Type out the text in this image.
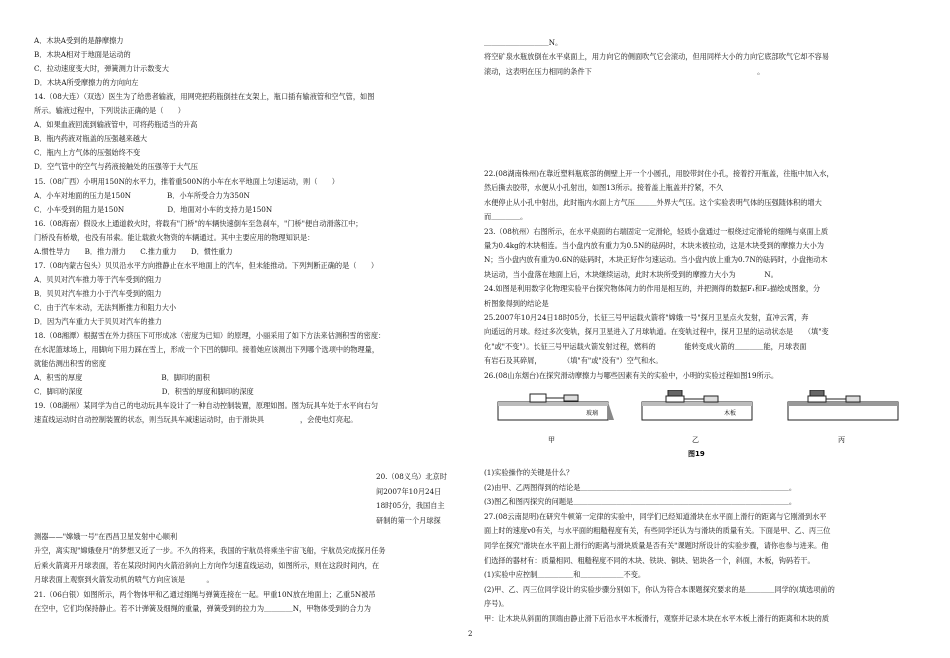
A．木块A受到的是静摩擦力
B．木块A相对于地面是运动的
C．拉动速度变大时，弹簧测力计示数变大
D．木块A所受摩擦力的方向向左
14.（08大连）（双选）医生为了给患者输液，用网兜把药瓶倒挂在支架上，瓶口插有输液管和空气管，如图
所示。输液过程中，下列说法正确的是（　　）
A．如果血液回流到输液管中，可将药瓶适当的升高
B．瓶内药液对瓶盖的压强越来越大
C．瓶内上方气体的压强始终不变
D．空气管中的空气与药液接触处的压强等于大气压
15.（08广西）小明用150N的水平力，推着重500N的小车在水平地面上匀速运动，则（　　）
A．小车对地面的压力是150N　　　　　B．小车所受合力为350N
C．小车受到的阻力是150N　　　　　　D．地面对小车的支持力是150N
16.（08海南）假设水上通道救火时，将载有"门桥"的车辆快速倒车至急刹车，"门桥"便自动滑落江中；
门桥没有桥墩，也没有吊索。能让载救火物资的车辆通过。其中主要应用的物理知识是：
A.惯性导力　　B．推力滑力　　C.推力重力　　D．惯性重力
17.（08内蒙古包头）贝贝沿水平方向推静止在水平地面上的汽车，但未能推动。下列判断正确的是（　　）
A．贝贝对汽车推力等于汽车受到的阻力
B．贝贝对汽车推力小于汽车受到的阻力
C．由于汽车未动，无法判断推力和阻力大小
D．因为汽车重力大于贝贝对汽车的推力
18.（08湘潭）根据雪在外力挤压下可形成冰（密度为已知）的原理，小丽采用了如下方法来估测积雪的密度：
在水泥篮球场上，用脚向下用力踩在雪上，形成一个下凹的脚印。接着她应该测出下列哪个选项中的物理量，
就能估测出积雪的密度
A．积雪的厚度　　　　　　　　　　　B．脚印的面积
C．脚印的深度　　　　　　　　　　　D．积雪的厚度和脚印的深度
19.（08湖州）某同学为自己的电动玩具车设计了一种自动控制装置，原理如图。图为玩具车处于水平向右匀
速直线运动时自动控制装置的状态，则当玩具车减速运动时，由于滑块具　　　　　，会使电灯亮起。
20.（08义乌）北京时
间2007年10月24日
18时05分，我国自主
研制的第一个月球探
测器——"嫦娥一号"在西昌卫星发射中心顺利
升空，离实现"嫦娥登月"的梦想又近了一步。不久的将来，我国的宇航员将乘坐宇宙飞船，宇航员完成探月任务
后乘火箭离开月球表面，若在某段时间内火箭沿斜向上方向作匀速直线运动，如图所示，则在这段时间内，在
月球表面上观察到火箭发动机的喷气方向应该是　　　。
21.（06白银）如图所示，两个物体甲和乙通过细绳与弹簧连接在一起。甲重10N放在地面上；乙重5N被吊
在空中，它们均保持静止。若不计弹簧及细绳的重量，弹簧受到的拉力为＿＿＿＿N，甲物体受到的合力为
＿＿＿＿＿＿＿＿＿N。
将空矿泉水瓶放倒在水平桌面上，用力向它的侧面吹气它会滚动，但用同样大小的力向它底部吹气它却不容易
滚动，这表明在压力相同的条件下　　　　　　　　　　　　　　　　　　　　　　　。
22.(08湖南株州)在靠近塑料瓶底部的侧壁上开一个小圆孔，用胶带封住小孔，接着拧开瓶盖，往瓶中加入水，
然后撕去胶带，水便从小孔射出，如图13所示。接着盖上瓶盖并拧紧，不久
水便停止从小孔中射出，此时瓶内水面上方气压＿＿＿外界大气压。这个实验表明气体的压强随体积的增大
而＿＿＿＿。
23.（08杭州）右图所示，在水平桌面的右端固定一定滑轮，轻质小盘通过一根绕过定滑轮的细绳与桌面上质
量为0.4kg的木块相连。当小盘内放有重力为0.5N的砝码时，木块未被拉动，这是木块受到的摩擦力大小为
N；当小盘内放有重为0.6N的砝码时，木块正好作匀速运动。当小盘内放上重为0.7N的砝码时，小盘拖动木
块运动，当小盘落在地面上后，木块继续运动，此时木块所受到的摩擦力大小为　　　　N。
24.如图是利用数字化物理实验平台探究物体间力的作用是相互的，并把测得的数据F₁和F₂描绘成图象，分
析图象得到的结论是
25.2007年10月24日18时05分，长征三号甲运载火箭将"嫦娥一号"探月卫星点火发射，直冲云霄，奔
向遥远的月球。经过多次变轨，探月卫星进入了月球轨道。在变轨过程中，探月卫星的运动状态是　　（填"变
化"或"不变"）。长征三号甲运载火箭发射过程，燃料的　　　　能转变成火箭的＿＿＿＿能，月球表面
有岩石及其碎屑，　　　　（填"有"或"没有"）空气和水。
26.(08山东烟台)在探究滑动摩擦力与哪些因素有关的实验中，小明的实验过程如图19所示。
(1)实验操作的关键是什么？
(2)由甲、乙两图得到的结论是＿＿＿＿＿＿＿＿＿＿＿＿＿＿＿＿＿＿＿＿＿＿＿＿＿＿＿＿＿。
(3)图乙和图丙探究的问题是＿＿＿＿＿＿＿＿＿＿＿＿＿＿＿＿＿＿＿＿＿＿＿＿＿＿＿＿＿＿。
27.(08云南昆明)在研究牛顿第一定律的实验中，同学们已经知道滑块在水平面上滑行的距离与它刚滑到水平
面上时的速度v0有关，与水平面的粗糙程度有关，有些同学还认为与滑块的质量有关。下面是甲、乙、丙三位
同学在探究"滑块在水平面上滑行的距离与滑块质量是否有关"课题时所设计的实验步骤，请你也参与进来。他
们选择的器材有：质量相同、粗糙程度不同的木块、铁块、铜块、铝块各一个，斜面，木板，钩码若干。
(1)实验中应控制＿＿＿＿＿和＿＿＿＿＿＿不变。
(2)甲、乙、丙三位同学设计的实验步骤分别如下，你认为符合本课题探究要求的是＿＿＿＿同学的(填选项前的
序号)。
甲：让木块从斜面的顶端由静止滑下后沿水平木板滑行，观察并记录木块在水平木板上滑行的距离和木块的质
玻璃	木板
甲	乙	丙
图19
2
